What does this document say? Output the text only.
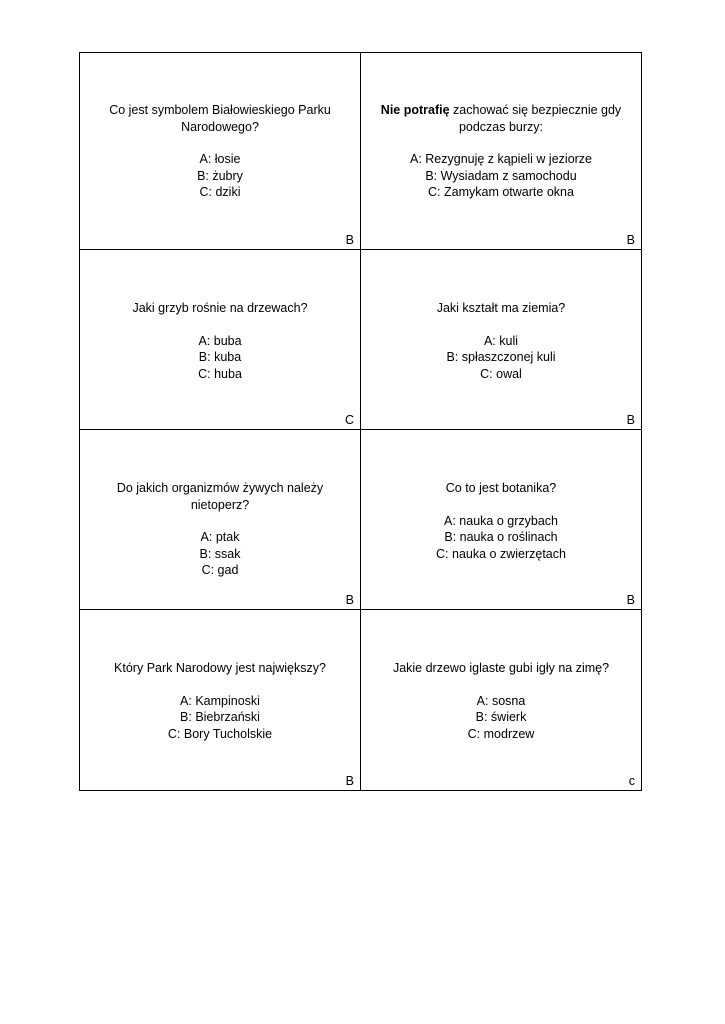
Co jest symbolem Białowieskiego Parku Narodowego?
A: łosie
B: żubry
C: dziki
B
Nie potrafię zachować się bezpiecznie gdy podczas burzy:
A: Rezygnuję z kąpieli w jeziorze
B: Wysiadam z samochodu
C: Zamykam otwarte okna
B
Jaki grzyb rośnie na drzewach?
A: buba
B: kuba
C: huba
C
Jaki kształt ma ziemia?
A: kuli
B: spłaszczonej kuli
C: owal
B
Do jakich organizmów żywych należy nietoperz?
A: ptak
B: ssak
C: gad
B
Co to jest botanika?
A: nauka o grzybach
B: nauka o roślinach
C: nauka o zwierzętach
B
Który Park Narodowy jest największy?
A: Kampinoski
B: Biebrzański
C: Bory Tucholskie
B
Jakie drzewo iglaste gubi igły na zimę?
A: sosna
B: świerk
C: modrzew
c
